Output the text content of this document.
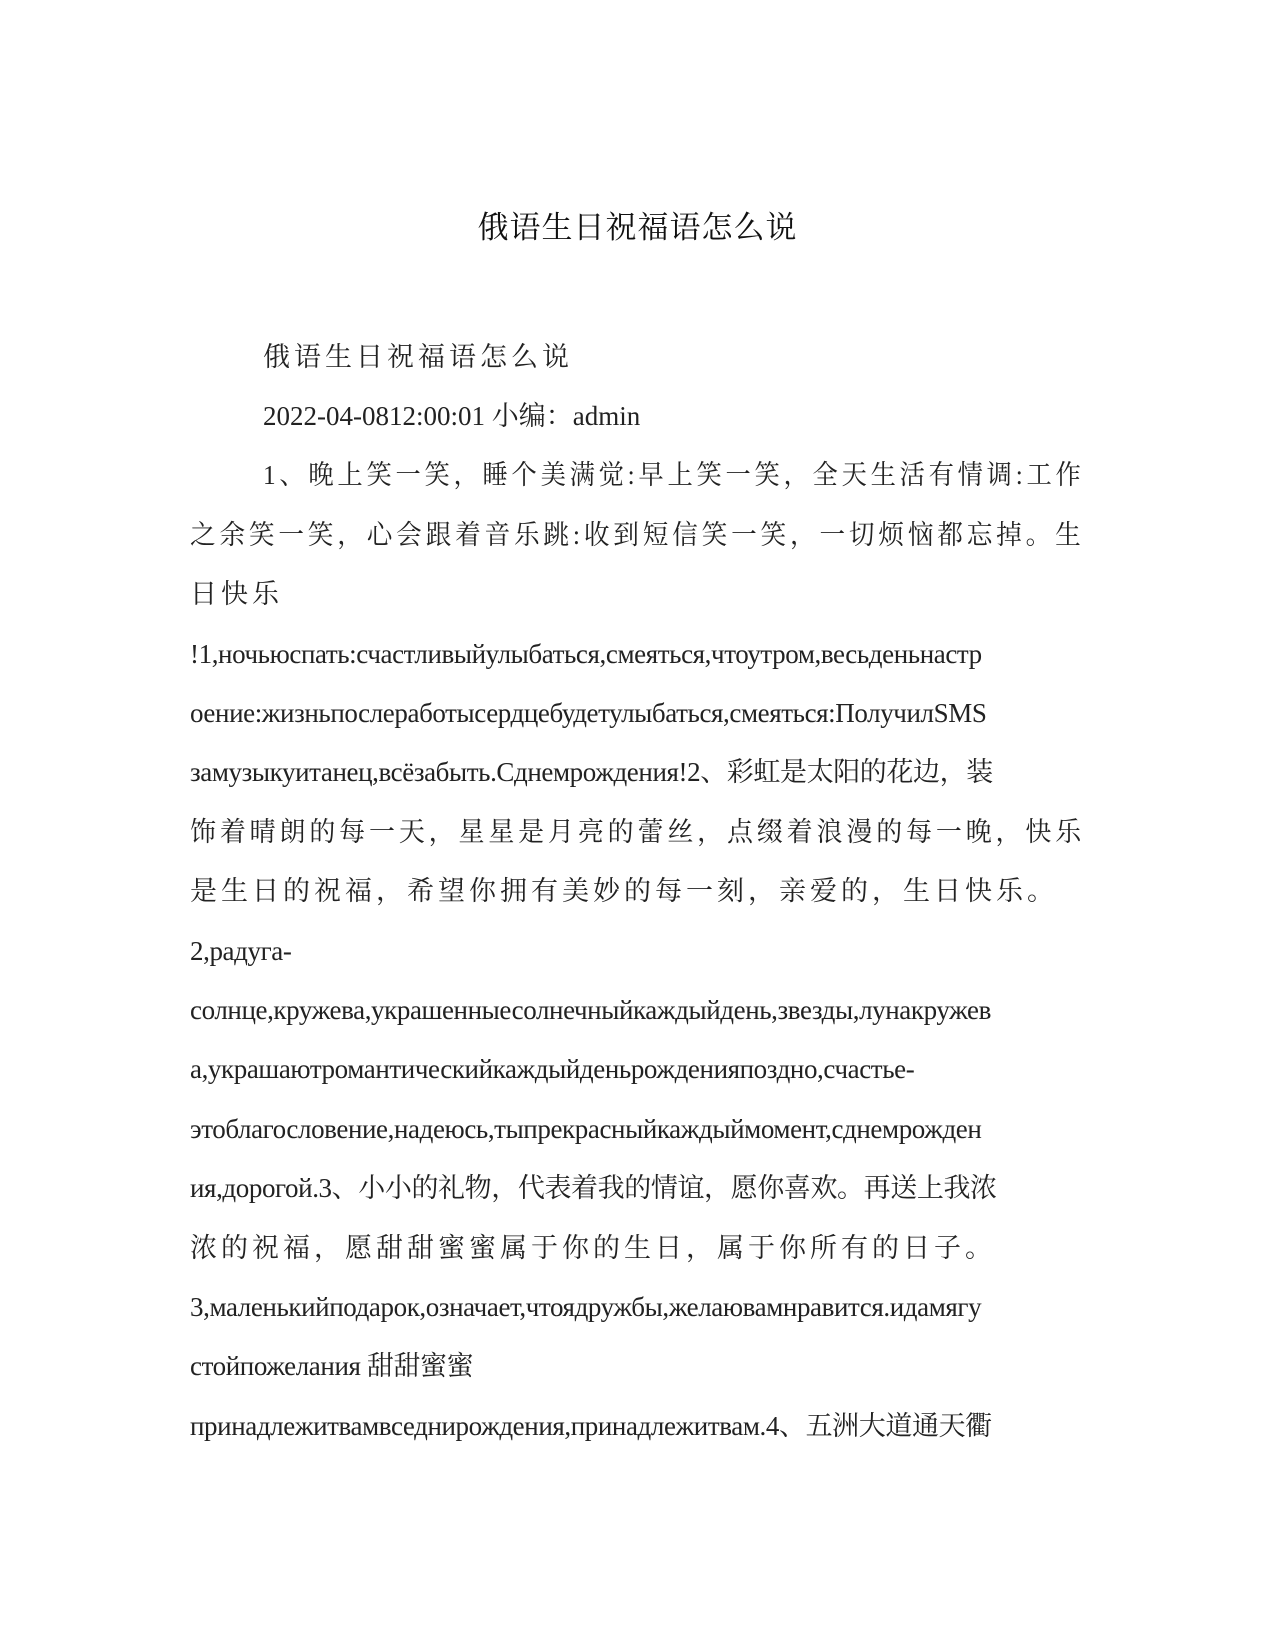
俄语生日祝福语怎么说
俄语生日祝福语怎么说
2022-04-0812:00:01 小编：admin
1、晚上笑一笑，睡个美满觉:早上笑一笑，全天生活有情调:工作
之余笑一笑，心会跟着音乐跳:收到短信笑一笑，一切烦恼都忘掉。生
日快乐
!1,ночьюспать:счастливыйулыбаться,смеяться,чтоутром,весьденьнастр
оение:жизньпослеработысердцебудетулыбаться,смеяться:ПолучилSMS
замузыкуитанец,всёзабыть.Сднемрождения!2、彩虹是太阳的花边，装
饰着晴朗的每一天，星星是月亮的蕾丝，点缀着浪漫的每一晚，快乐
是生日的祝福，希望你拥有美妙的每一刻，亲爱的，生日快乐。
2,радуга-
солнце,кружева,украшенныесолнечныйкаждыйдень,звезды,лунакружев
а,украшаютромантическийкаждыйденьрожденияпоздно,счастье-
этоблагословение,надеюсь,тыпрекрасныйкаждыймомент,сднемрожден
ия,дорогой.3、小小的礼物，代表着我的情谊，愿你喜欢。再送上我浓
浓的祝福，愿甜甜蜜蜜属于你的生日，属于你所有的日子。
3,маленькийподарок,означает,чтоядружбы,желаювамнравится.идамягу
стойпожелания 甜甜蜜蜜
принадлежитвамвседнирождения,принадлежитвам.4、五洲大道通天衢
